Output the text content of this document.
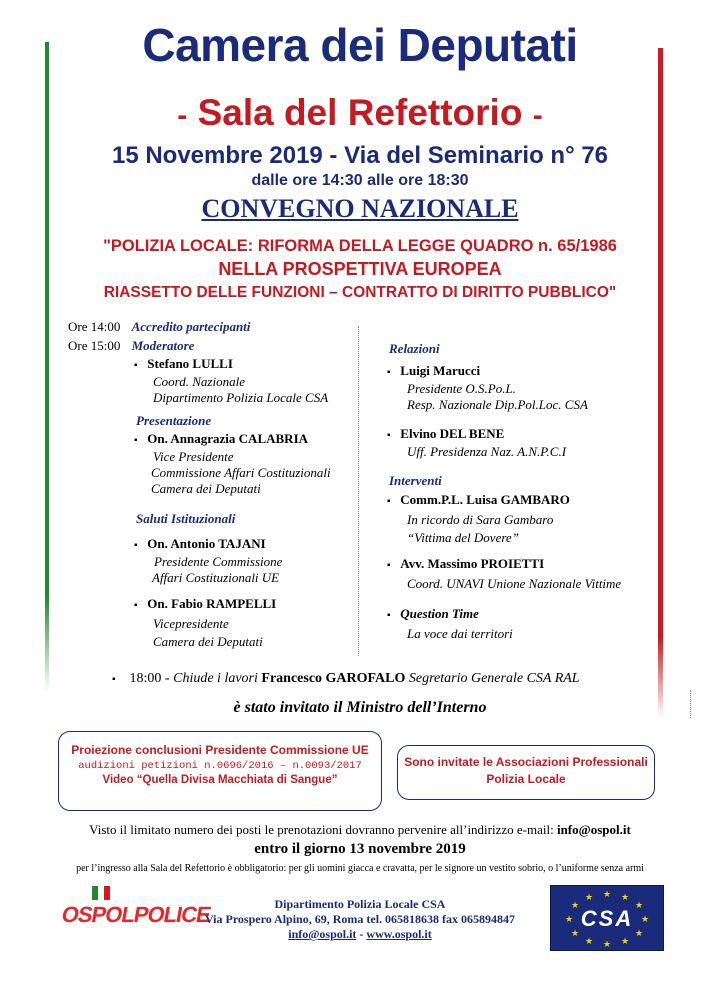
Camera dei Deputati
- Sala del Refettorio -
15 Novembre 2019 - Via del Seminario n° 76
dalle ore 14:30 alle ore 18:30
CONVEGNO NAZIONALE
"POLIZIA LOCALE: RIFORMA DELLA LEGGE QUADRO n. 65/1986
NELLA PROSPETTIVA EUROPEA
RIASSETTO DELLE FUNZIONI – CONTRATTO DI DIRITTO PUBBLICO"
Ore 14:00 Accredito partecipanti
Ore 15:00 Moderatore
▪ Stefano LULLI
Coord. Nazionale
Dipartimento Polizia Locale CSA
Presentazione
▪ On. Annagrazia CALABRIA
Vice Presidente
Commissione Affari Costituzionali
Camera dei Deputati
Saluti Istituzionali
▪ On. Antonio TAJANI
Presidente Commissione
Affari Costituzionali UE
▪ On. Fabio RAMPELLI
Vicepresidente
Camera dei Deputati
Relazioni
▪ Luigi Marucci
Presidente O.S.Po.L.
Resp. Nazionale Dip.Pol.Loc. CSA
▪ Elvino DEL BENE
Uff. Presidenza Naz. A.N.P.C.I
Interventi
▪ Comm.P.L. Luisa GAMBARO
In ricordo di Sara Gambaro
“Vittima del Dovere”
▪ Avv. Massimo PROIETTI
Coord. UNAVI Unione Nazionale Vittime
▪ Question Time
La voce dai territori
▪ 18:00 - Chiude i lavori Francesco GAROFALO Segretario Generale CSA RAL
è stato invitato il Ministro dell’Interno
Proiezione conclusioni Presidente Commissione UE
audizioni petizioni n.0696/2016 – n.0093/2017
Video “Quella Divisa Macchiata di Sangue”
Sono invitate le Associazioni Professionali
Polizia Locale
Visto il limitato numero dei posti le prenotazioni dovranno pervenire all’indirizzo e-mail: info@ospol.it
entro il giorno 13 novembre 2019
per l’ingresso alla Sala del Refettorio è obbligatorio: per gli uomini giacca e cravatta, per le signore un vestito sobrio, o l’uniforme senza armi
OSPOLPOLICE	Dipartimento Polizia Locale CSA
Via Prospero Alpino, 69, Roma tel. 065818638 fax 065894847
info@ospol.it - www.ospol.it
★ ★
★
★
★
★
★
★
★
★
★
★
CSA
